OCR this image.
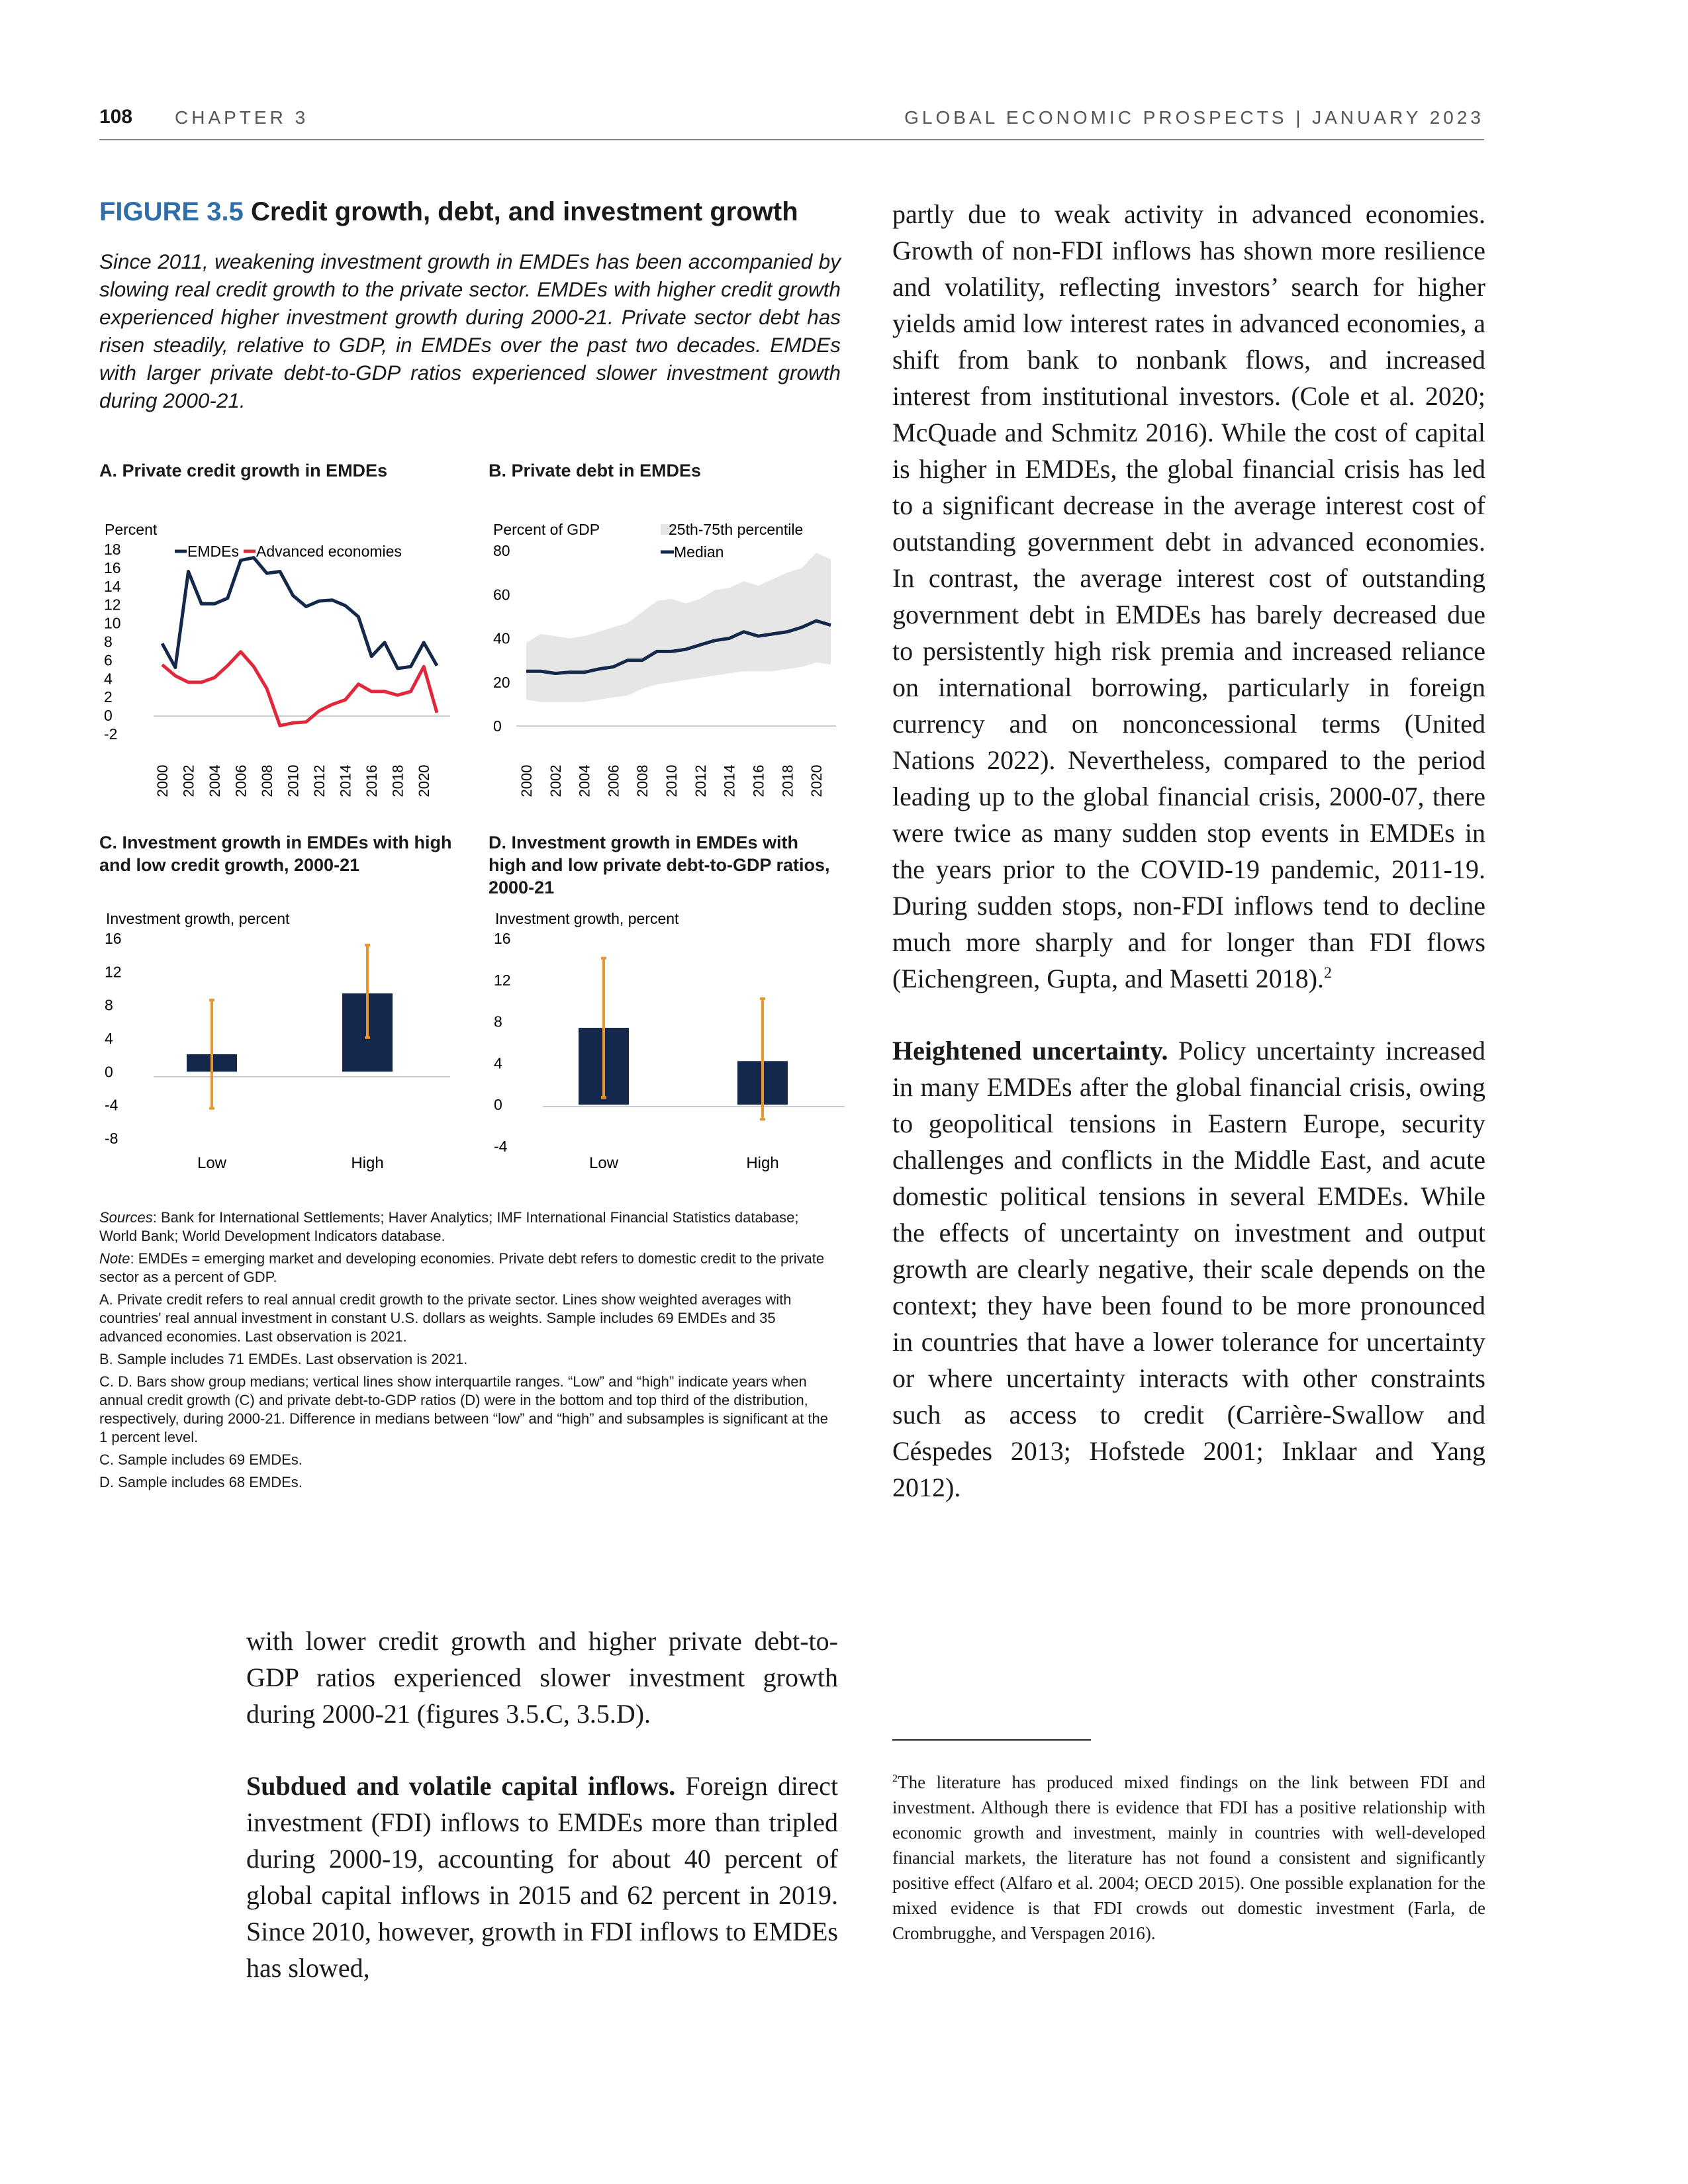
108 CHAPTER 3	GLOBAL ECONOMIC PROSPECTS | JANUARY 2023
FIGURE 3.5 Credit growth, debt, and investment growth
Since 2011, weakening investment growth in EMDEs has been accompanied by slowing real credit growth to the private sector. EMDEs with higher credit growth experienced higher investment growth during 2000-21. Private sector debt has risen steadily, relative to GDP, in EMDEs over the past two decades. EMDEs with larger private debt-to-GDP ratios experienced slower investment growth during 2000-21.
A. Private credit growth in EMDEs	B. Private debt in EMDEs
C. Investment growth in EMDEs with high and low credit growth, 2000-21
D. Investment growth in EMDEs with high and low private debt-to-GDP ratios, 2000-21
Percent
-2
0
2
4
6
8
10
12
14
16
18
2000 2002 2004 2006 2008 2010 2012 2014 2016 2018 2020
EMDEs Advanced economies
Percent of GDP
0
20
40
60
80
2000 2002 2004 2006 2008 2010 2012 2014 2016 2018 2020
25th-75th percentile
Median
Investment growth, percent
-8
-4
0
4
8
12
16
Low	High
Investment growth, percent
-4
0
4
8
12
16
Low	High

Sources: Bank for International Settlements; Haver Analytics; IMF International Financial Statistics database; World Bank; World Development Indicators database.

Note: EMDEs = emerging market and developing economies. Private debt refers to domestic credit to the private sector as a percent of GDP.

A. Private credit refers to real annual credit growth to the private sector. Lines show weighted averages with countries' real annual investment in constant U.S. dollars as weights. Sample includes 69 EMDEs and 35 advanced economies. Last observation is 2021.

B. Sample includes 71 EMDEs. Last observation is 2021.

C. D. Bars show group medians; vertical lines show interquartile ranges. “Low” and “high” indicate years when annual credit growth (C) and private debt-to-GDP ratios (D) were in the bottom and top third of the distribution, respectively, during 2000-21. Difference in medians between “low” and “high” and subsamples is significant at the 1 percent level.

C. Sample includes 69 EMDEs.

D. Sample includes 68 EMDEs.

partly due to weak activity in advanced economies. Growth of non-FDI inflows has shown more resilience and volatility, reflecting investors’ search for higher yields amid low interest rates in advanced economies, a shift from bank to nonbank flows, and increased interest from institutional investors. (Cole et al. 2020; McQuade and Schmitz 2016). While the cost of capital is higher in EMDEs, the global financial crisis has led to a significant decrease in the average interest cost of outstanding government debt in advanced economies. In contrast, the average interest cost of outstanding government debt in EMDEs has barely decreased due to persistently high risk premia and increased reliance on international borrowing, particularly in foreign currency and on nonconcessional terms (United Nations 2022). Nevertheless, compared to the period leading up to the global financial crisis, 2000-07, there were twice as many sudden stop events in EMDEs in the years prior to the COVID-19 pandemic, 2011-19. During sudden stops, non-FDI inflows tend to decline much more sharply and for longer than FDI flows (Eichengreen, Gupta, and Masetti 2018).$^2$

Heightened uncertainty. Policy uncertainty increased in many EMDEs after the global financial crisis, owing to geopolitical tensions in Eastern Europe, security challenges and conflicts in the Middle East, and acute domestic political tensions in several EMDEs. While the effects of uncertainty on investment and output growth are clearly negative, their scale depends on the context; they have been found to be more pronounced in countries that have a lower tolerance for uncertainty or where uncertainty interacts with other constraints such as access to credit (Carrière-Swallow and Céspedes 2013; Hofstede 2001; Inklaar and Yang 2012).

$^2$The literature has produced mixed findings on the link between FDI and investment. Although there is evidence that FDI has a positive relationship with economic growth and investment, mainly in countries with well-developed financial markets, the literature has not found a consistent and significantly positive effect (Alfaro et al. 2004; OECD 2015). One possible explanation for the mixed evidence is that FDI crowds out domestic investment (Farla, de Crombrugghe, and Verspagen 2016).

with lower credit growth and higher private debt-to-GDP ratios experienced slower investment growth during 2000-21 (figures 3.5.C, 3.5.D).

Subdued and volatile capital inflows. Foreign direct investment (FDI) inflows to EMDEs more than tripled during 2000-19, accounting for about 40 percent of global capital inflows in 2015 and 62 percent in 2019. Since 2010, however, growth in FDI inflows to EMDEs has slowed,
